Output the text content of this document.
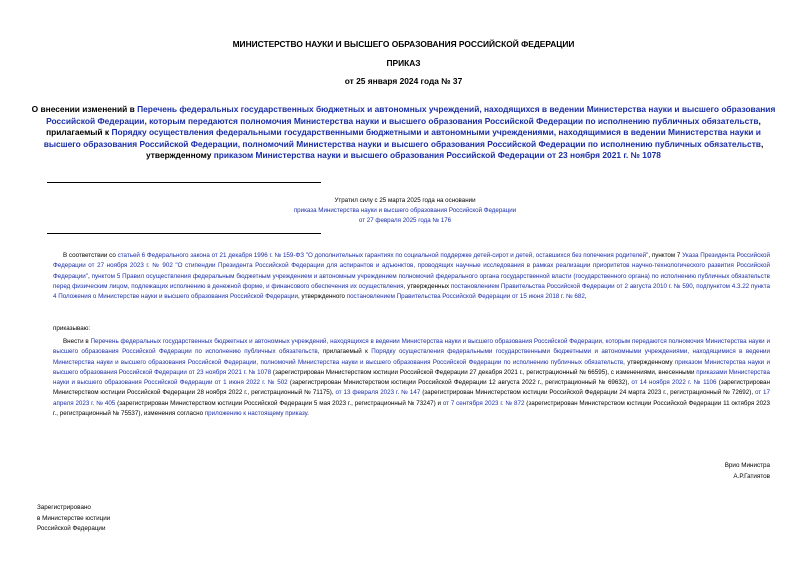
МИНИСТЕРСТВО НАУКИ И ВЫСШЕГО ОБРАЗОВАНИЯ РОССИЙСКОЙ ФЕДЕРАЦИИ
ПРИКАЗ
от 25 января 2024 года № 37
О внесении изменений в Перечень федеральных государственных бюджетных и автономных учреждений, находящихся в ведении Министерства науки и высшего образования Российской Федерации, которым передаются полномочия Министерства науки и высшего образования Российской Федерации по исполнению публичных обязательств, прилагаемый к Порядку осуществления федеральными государственными бюджетными и автономными учреждениями, находящимися в ведении Министерства науки и высшего образования Российской Федерации, полномочий Министерства науки и высшего образования Российской Федерации по исполнению публичных обязательств, утвержденному приказом Министерства науки и высшего образования Российской Федерации от 23 ноября 2021 г. № 1078
Утратил силу с 25 марта 2025 года на основании
приказа Министерства науки и высшего образования Российской Федерации
от 27 февраля 2025 года № 176
В соответствии со статьей 6 Федерального закона от 21 декабря 1996 г. № 159-ФЗ "О дополнительных гарантиях по социальной поддержке детей-сирот и детей, оставшихся без попечения родителей", пунктом 7 Указа Президента Российской Федерации от 27 ноября 2023 г. № 902 "О стипендии Президента Российской Федерации для аспирантов и адъюнктов, проводящих научные исследования в рамках реализации приоритетов научно-технологического развития Российской Федерации", пунктом 5 Правил осуществления федеральным бюджетным учреждением и автономным учреждением полномочий федерального органа государственной власти (государственного органа) по исполнению публичных обязательств перед физическим лицом, подлежащих исполнению в денежной форме, и финансового обеспечения их осуществления, утвержденных постановлением Правительства Российской Федерации от 2 августа 2010 г. № 590, подпунктом 4.3.22 пункта 4 Положения о Министерстве науки и высшего образования Российской Федерации, утвержденного постановлением Правительства Российской Федерации от 15 июня 2018 г. № 682,
приказываю:
Внести в Перечень федеральных государственных бюджетных и автономных учреждений, находящихся в ведении Министерства науки и высшего образования Российской Федерации, которым передаются полномочия Министерства науки и высшего образования Российской Федерации по исполнению публичных обязательств, прилагаемый к Порядку осуществления федеральными государственными бюджетными и автономными учреждениями, находящимися в ведении Министерства науки и высшего образования Российской Федерации, полномочий Министерства науки и высшего образования Российской Федерации по исполнению публичных обязательств, утвержденному приказом Министерства науки и высшего образования Российской Федерации от 23 ноября 2021 г. № 1078 (зарегистрирован Министерством юстиции Российской Федерации 27 декабря 2021 г., регистрационный № 66595), с изменениями, внесенными приказами Министерства науки и высшего образования Российской Федерации от 1 июня 2022 г. № 502 (зарегистрирован Министерством юстиции Российской Федерации 12 августа 2022 г., регистрационный № 69632), от 14 ноября 2022 г. № 1106 (зарегистрирован Министерством юстиции Российской Федерации 28 ноября 2022 г., регистрационный № 71175), от 13 февраля 2023 г. № 147 (зарегистрирован Министерством юстиции Российской Федерации 24 марта 2023 г., регистрационный № 72692), от 17 апреля 2023 г. № 405 (зарегистрирован Министерством юстиции Российской Федерации 5 мая 2023 г., регистрационный № 73247) и от 7 сентября 2023 г. № 872 (зарегистрирован Министерством юстиции Российской Федерации 11 октября 2023 г., регистрационный № 75537), изменения согласно приложению к настоящему приказу.
Врио Министра
А.Р.Гатиятов
Зарегистрировано
в Министерстве юстиции
Российской Федерации
